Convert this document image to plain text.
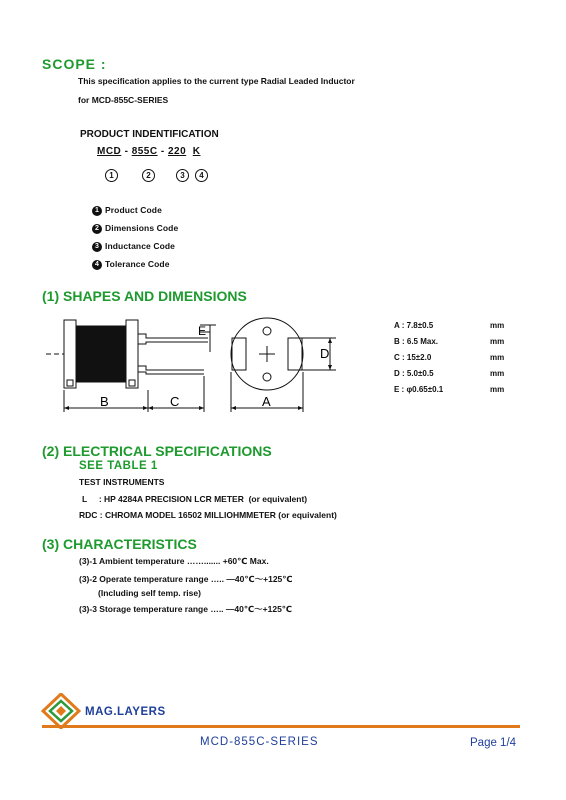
SCOPE :
This specification applies to the current type Radial Leaded Inductor
for MCD-855C-SERIES
PRODUCT INDENTIFICATION
MCD - 855C - 220 K
1	2	3	4
1 Product Code
2 Dimensions Code
3 Inductance Code
4 Tolerance Code
(1) SHAPES AND DIMENSIONS
E
B	C	A
D
A : 7.8±0.5	mm
B : 6.5 Max.	mm
C : 15±2.0	mm
D : 5.0±0.5	mm
E : φ0.65±0.1	mm
(2) ELECTRICAL SPECIFICATIONS
SEE TABLE 1
TEST INSTRUMENTS
L     : HP 4284A PRECISION LCR METER  (or equivalent)
RDC : CHROMA MODEL 16502 MILLIOHMMETER (or equivalent)
(3) CHARACTERISTICS
(3)-1 Ambient temperature ……....... +60℃ Max.
(3)-2 Operate temperature range ….. —40℃～+125℃
(Including self temp. rise)
(3)-3 Storage temperature range ….. —40℃～+125℃
MAG.LAYERS
MCD-855C-SERIES	Page 1/4
